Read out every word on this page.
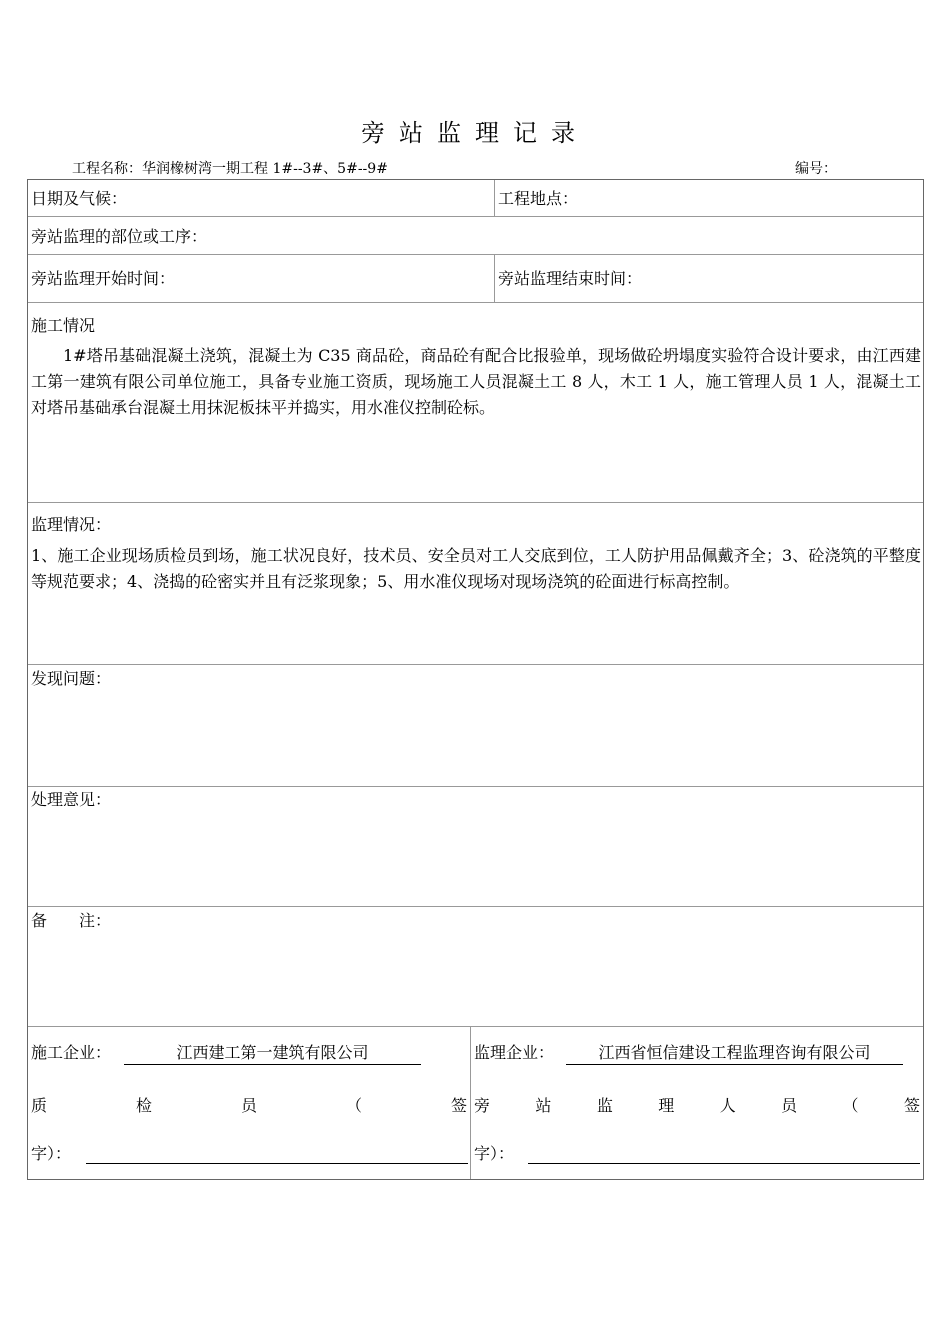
旁站监理记录
工程名称：华润橡树湾一期工程 1#--3#、5#--9#	编号：
日期及气候：	工程地点：
旁站监理的部位或工序：
旁站监理开始时间：	旁站监理结束时间：
施工情况
1#塔吊基础混凝土浇筑，混凝土为 C35 商品砼，商品砼有配合比报验单，现场做砼坍塌度实验符合设计要求，由江西建工第一建筑有限公司单位施工，具备专业施工资质，现场施工人员混凝土工 8 人，木工 1 人，施工管理人员 1 人，混凝土工对塔吊基础承台混凝土用抹泥板抹平并捣实，用水准仪控制砼标。
监理情况：
1、施工企业现场质检员到场，施工状况良好，技术员、安全员对工人交底到位，工人防护用品佩戴齐全；3、砼浇筑的平整度等规范要求；4、浇捣的砼密实并且有泛浆现象；5、用水准仪现场对现场浇筑的砼面进行标高控制。
发现问题：
处理意见：
备　　注：
施工企业：	江西建工第一建筑有限公司
质	检	员	（	签
字）：
监理企业：	江西省恒信建设工程监理咨询有限公司
旁	站	监	理	人	员	（	签
字）：
